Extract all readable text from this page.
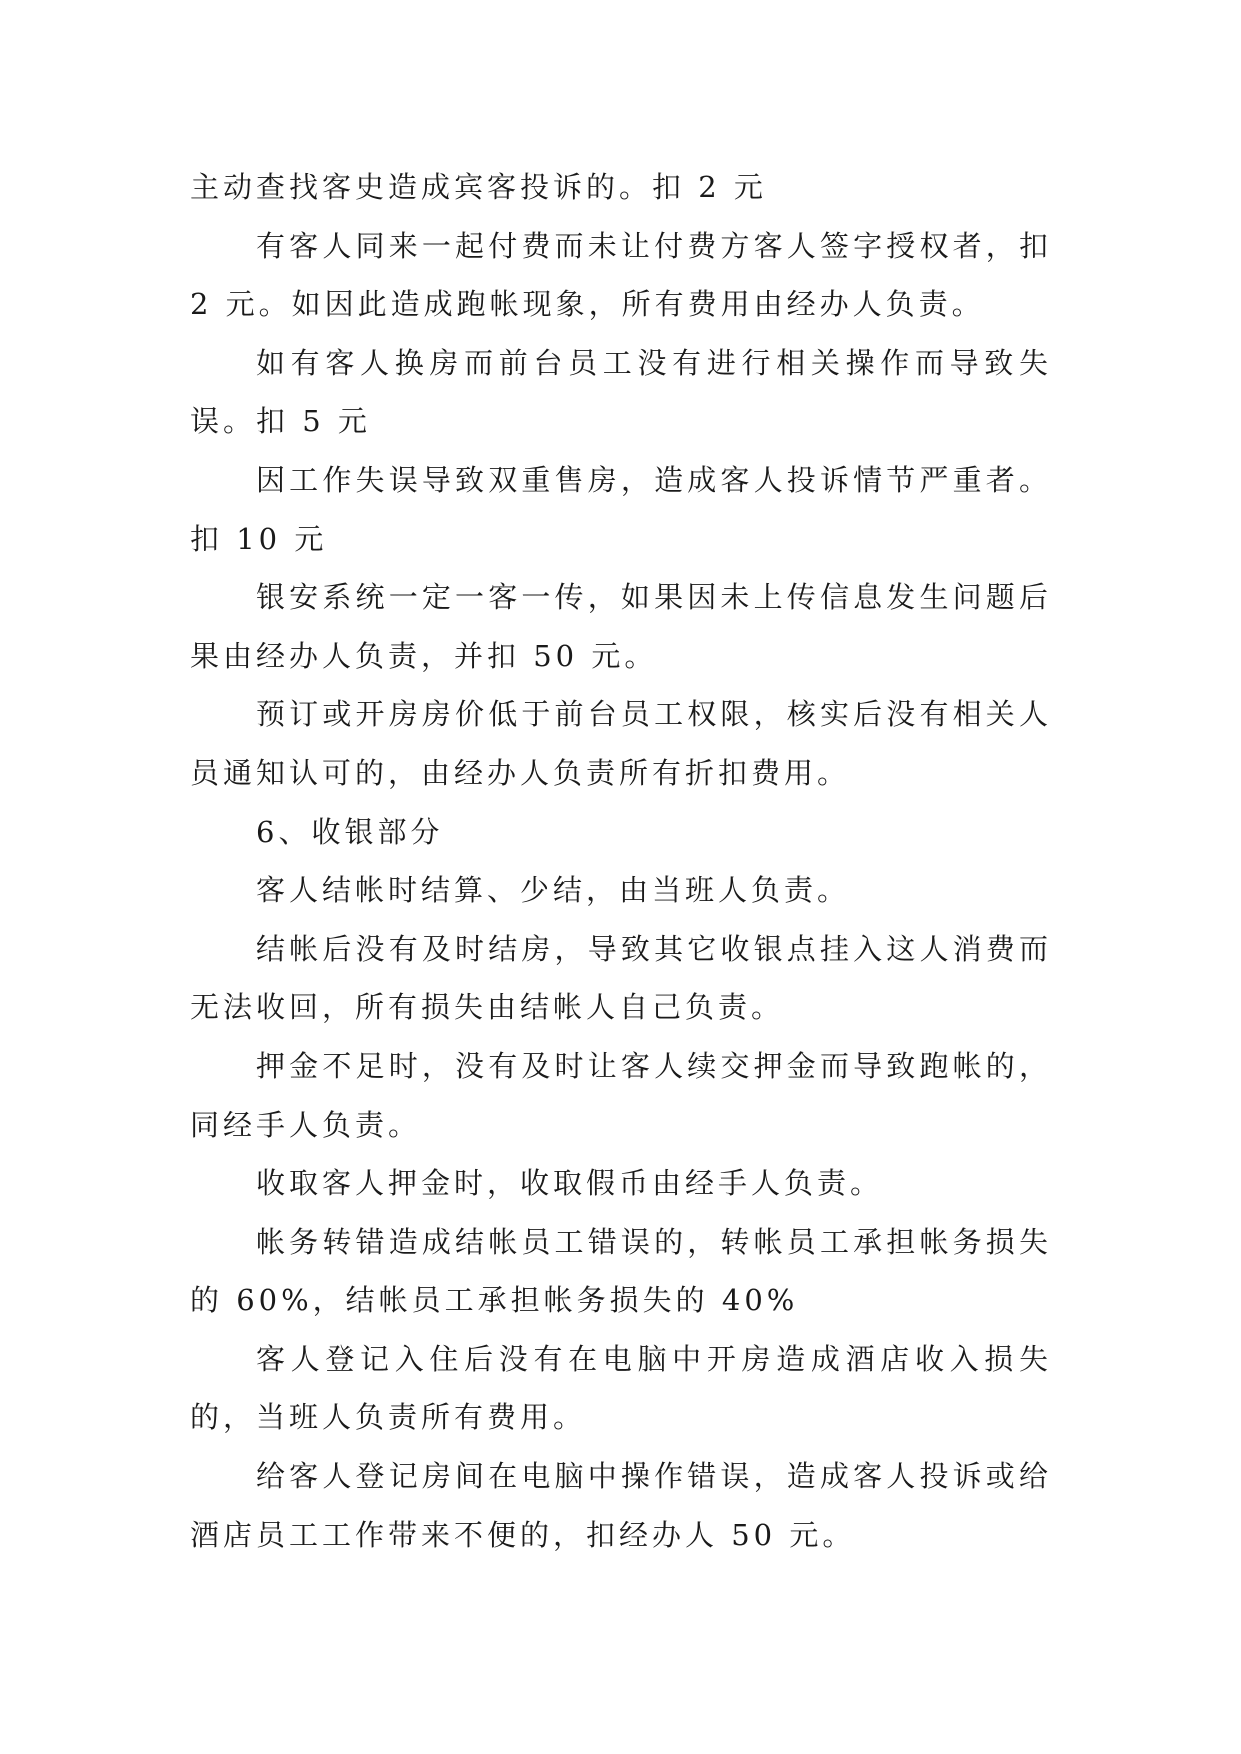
主动查找客史造成宾客投诉的。扣 2 元

有客人同来一起付费而未让付费方客人签字授权者，扣 2 元。如因此造成跑帐现象，所有费用由经办人负责。

如有客人换房而前台员工没有进行相关操作而导致失误。扣 5 元

因工作失误导致双重售房，造成客人投诉情节严重者。扣 10 元

银安系统一定一客一传，如果因未上传信息发生问题后果由经办人负责，并扣 50 元。

预订或开房房价低于前台员工权限，核实后没有相关人员通知认可的，由经办人负责所有折扣费用。

6、收银部分

客人结帐时结算、少结，由当班人负责。

结帐后没有及时结房，导致其它收银点挂入这人消费而无法收回，所有损失由结帐人自己负责。

押金不足时，没有及时让客人续交押金而导致跑帐的，同经手人负责。

收取客人押金时，收取假币由经手人负责。

帐务转错造成结帐员工错误的，转帐员工承担帐务损失的 60%，结帐员工承担帐务损失的 40%

客人登记入住后没有在电脑中开房造成酒店收入损失的，当班人负责所有费用。

给客人登记房间在电脑中操作错误，造成客人投诉或给酒店员工工作带来不便的，扣经办人 50 元。
